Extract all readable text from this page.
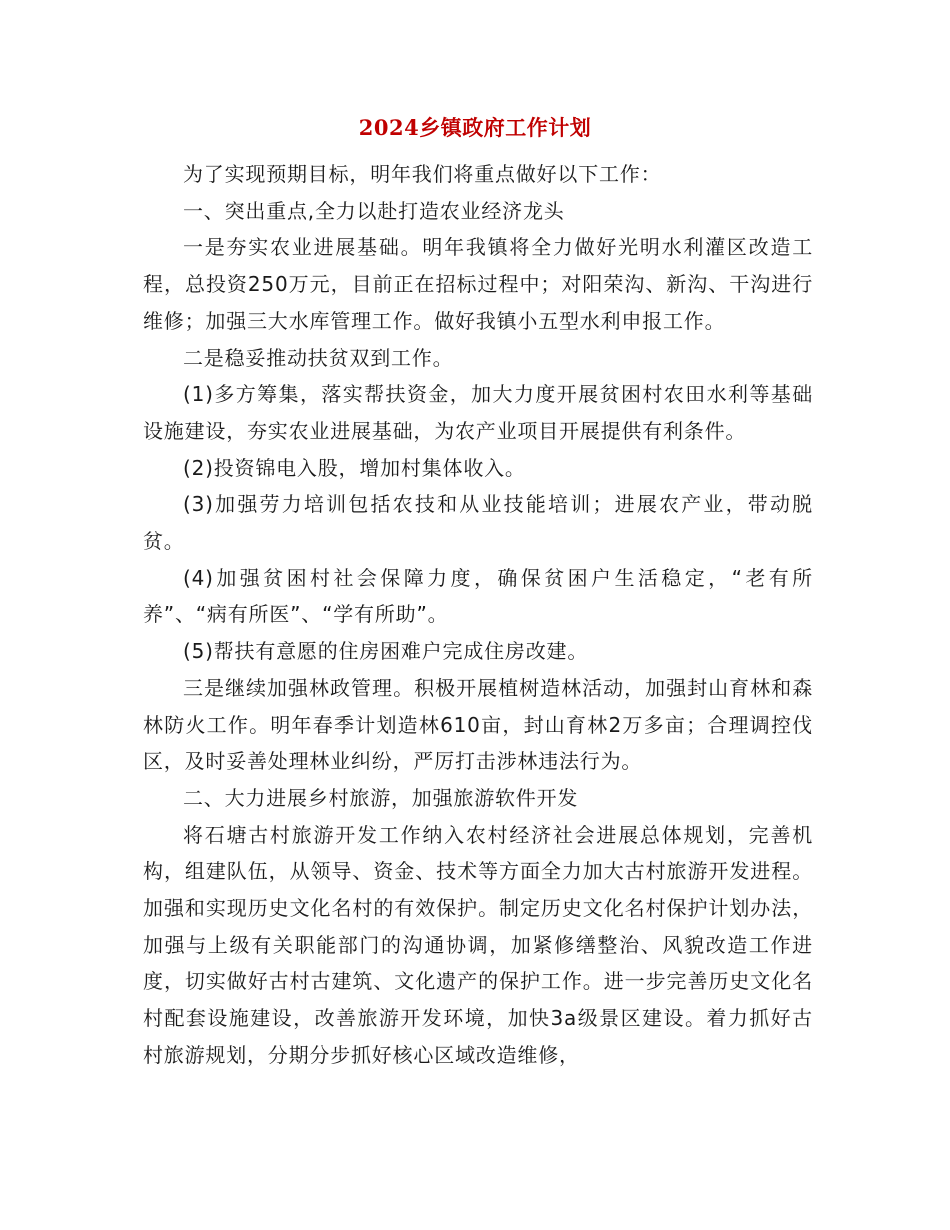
2024乡镇政府工作计划

为了实现预期目标，明年我们将重点做好以下工作：

一、突出重点,全力以赴打造农业经济龙头

一是夯实农业进展基础。明年我镇将全力做好光明水利灌区改造工程，总投资250万元，目前正在招标过程中；对阳荣沟、新沟、干沟进行维修；加强三大水库管理工作。做好我镇小五型水利申报工作。

二是稳妥推动扶贫双到工作。

(1)多方筹集，落实帮扶资金，加大力度开展贫困村农田水利等基础设施建设，夯实农业进展基础，为农产业项目开展提供有利条件。

(2)投资锦电入股，增加村集体收入。

(3)加强劳力培训包括农技和从业技能培训；进展农产业，带动脱贫。

(4)加强贫困村社会保障力度，确保贫困户生活稳定，“老有所养”、“病有所医”、“学有所助”。

(5)帮扶有意愿的住房困难户完成住房改建。

三是继续加强林政管理。积极开展植树造林活动，加强封山育林和森林防火工作。明年春季计划造林610亩，封山育林2万多亩；合理调控伐区，及时妥善处理林业纠纷，严厉打击涉林违法行为。

二、大力进展乡村旅游，加强旅游软件开发

将石塘古村旅游开发工作纳入农村经济社会进展总体规划，完善机构，组建队伍，从领导、资金、技术等方面全力加大古村旅游开发进程。加强和实现历史文化名村的有效保护。制定历史文化名村保护计划办法，加强与上级有关职能部门的沟通协调，加紧修缮整治、风貌改造工作进度，切实做好古村古建筑、文化遗产的保护工作。进一步完善历史文化名村配套设施建设，改善旅游开发环境，加快3a级景区建设。着力抓好古村旅游规划，分期分步抓好核心区域改造维修，
